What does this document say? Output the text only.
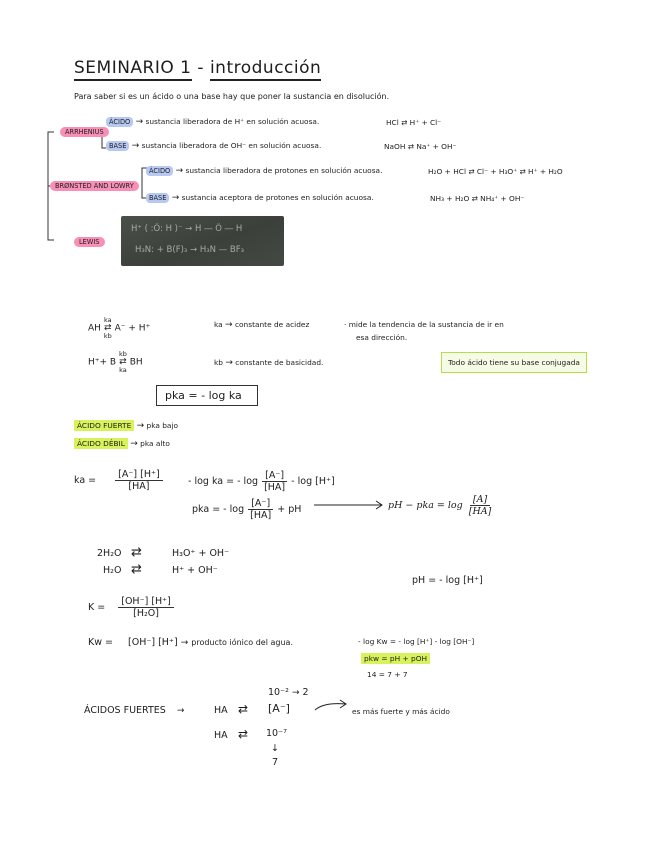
SEMINARIO 1 - introducción
Para saber si es un ácido o una base hay que poner la sustancia en disolución.
ARRHENIUS
ÁCIDO → sustancia liberadora de H⁺ en solución acuosa.	HCl ⇄ H⁺ + Cl⁻
BASE → sustancia liberadora de OH⁻ en solución acuosa.	NaOH ⇄ Na⁺ + OH⁻
BRØNSTED AND LOWRY
ÁCIDO → sustancia liberadora de protones en solución acuosa.	H₂O + HCl ⇄ Cl⁻ + H₃O⁺ ⇄ H⁺ + H₂O
BASE → sustancia aceptora de protones en solución acuosa.	NH₃ + H₂O ⇄ NH₄⁺ + OH⁻
LEWIS
H⁺ ( :Ö: H )⁻ → H ― Ö ― H
H₃N: + B(F)₃ → H₃N — BF₃
AH
ka
⇄
kb
A⁻ + H⁺	ka → constante de acidez	· mide la tendencia de la sustancia de ir en
esa dirección.
H⁺+ B
kb
⇄
ka
BH	kb → constante de basicidad.	Todo ácido tiene su base conjugada
pka = - log ka
ÁCIDO FUERTE → pka bajo
ÁCIDO DÉBIL → pka alto
ka = $\frac{[A^-] [H^+]}{[HA]}$	- log ka = - $\log \frac{[A^-]}{[HA]}$ - log [H⁺]
pka = - $\log \frac{[A^-]}{[HA]}$ + pH	pH − pka = $\log \frac{[A]}{[HA]}$
2H₂O ⇄	H₃O⁺ + OH⁻
H₂O ⇄	H⁺ + OH⁻
pH = - log [H⁺]
$K = \frac{[OH^-] [H^+]}{\text{[H₂O]}}$
Kw = [OH⁻] [H⁺] → producto iónico del agua.	- log Kw = - log [H⁺] - log [OH⁻]
pkw = pH + pOH
14 = 7 + 7
ÁCIDOS FUERTES →	HA ⇄
10⁻² → 2
[A⁻]	es más fuerte y más ácido
HA ⇄ 10⁻⁷
↓
7
